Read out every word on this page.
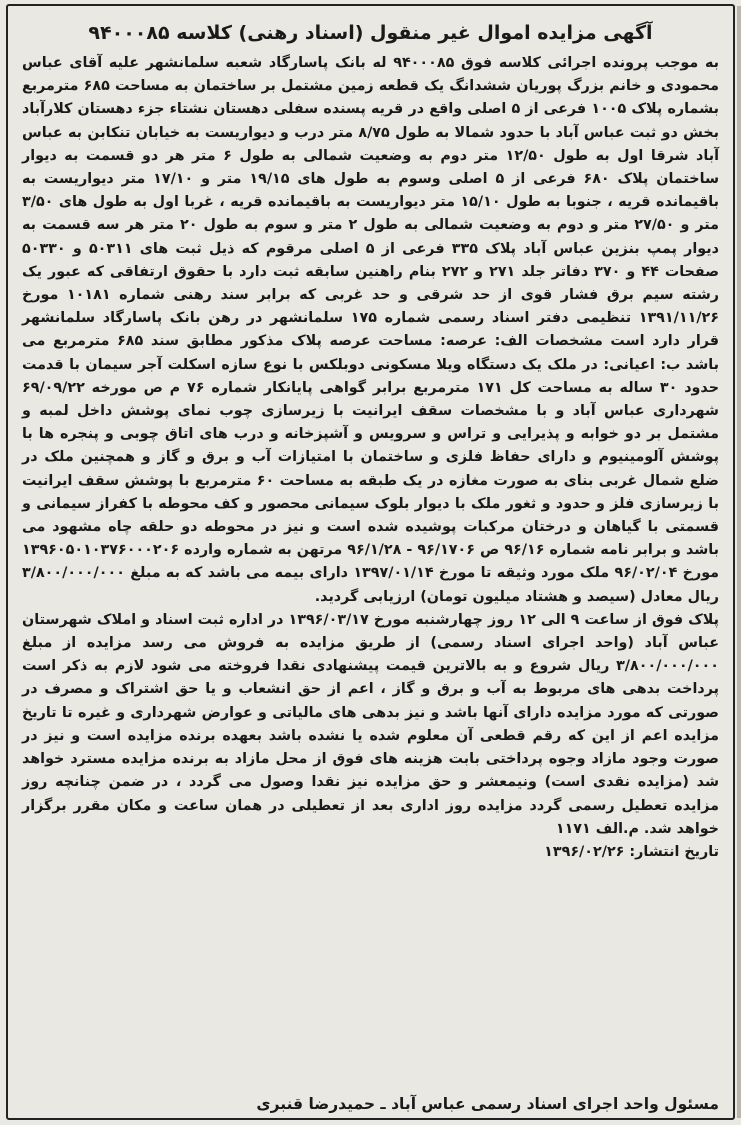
آگهی مزایده اموال غیر منقول (اسناد رهنی) کلاسه ۹۴۰۰۰۸۵

به موجب پرونده اجرائی کلاسه فوق ۹۴۰۰۰۸۵ له بانک پاسارگاد شعبه سلمانشهر علیه آقای عباس محمودی و خانم بزرگ پوریان ششدانگ یک قطعه زمین مشتمل بر ساختمان به مساحت ۶۸۵ مترمربع بشماره پلاک ۱۰۰۵ فرعی از ۵ اصلی واقع در قریه پسنده سفلی دهستان نشتاء جزء دهستان کلارآباد بخش دو ثبت عباس آباد با حدود شمالا به طول ۸/۷۵ متر درب و دیواریست به خیابان تنکابن به عباس آباد شرقا اول به طول ۱۲/۵۰ متر دوم به وضعیت شمالی به طول ۶ متر هر دو قسمت به دیوار ساختمان پلاک ۶۸۰ فرعی از ۵ اصلی وسوم به طول های ۱۹/۱۵ متر و ۱۷/۱۰ متر دیواریست به باقیمانده قریه ، جنوبا به طول ۱۵/۱۰ متر دیواریست به باقیمانده قریه ، غربا اول به طول های ۳/۵۰ متر و ۲۷/۵۰ متر و دوم به وضعیت شمالی به طول ۲ متر و سوم به طول ۲۰ متر هر سه قسمت به دیوار پمپ بنزین عباس آباد پلاک ۳۳۵ فرعی از ۵ اصلی مرقوم که ذیل ثبت های ۵۰۳۱۱ و ۵۰۳۳۰ صفحات ۴۴ و ۳۷۰ دفاتر جلد ۲۷۱ و ۲۷۲ بنام راهنین سابقه ثبت دارد با حقوق ارتفاقی که عبور یک رشته سیم برق فشار قوی از حد شرقی و حد غربی که برابر سند رهنی شماره ۱۰۱۸۱ مورخ ۱۳۹۱/۱۱/۲۶ تنظیمی دفتر اسناد رسمی شماره ۱۷۵ سلمانشهر در رهن بانک پاسارگاد سلمانشهر قرار دارد است مشخصات الف: عرصه: مساحت عرصه پلاک مذکور مطابق سند ۶۸۵ مترمربع می باشد ب: اعیانی: در ملک یک دستگاه ویلا مسکونی دوبلکس با نوع سازه اسکلت آجر سیمان با قدمت حدود ۳۰ ساله به مساحت کل ۱۷۱ مترمربع برابر گواهی پایانکار شماره ۷۶ م ص مورخه ۶۹/۰۹/۲۲ شهرداری عباس آباد و با مشخصات سقف ایرانیت با زیرسازی چوب نمای پوشش داخل لمبه و مشتمل بر دو خوابه و پذیرایی و تراس و سرویس و آشپزخانه و درب های اتاق چوبی و پنجره ها با پوشش آلومینیوم و دارای حفاظ فلزی و ساختمان با امتیازات آب و برق و گاز و همچنین ملک در ضلع شمال غربی بنای به صورت مغازه در یک طبقه به مساحت ۶۰ مترمربع با پوشش سقف ایرانیت با زیرسازی فلز و حدود و ثغور ملک با دیوار بلوک سیمانی محصور و کف محوطه با کفراز سیمانی و قسمتی با گیاهان و درختان مرکبات پوشیده شده است و نیز در محوطه دو حلقه چاه مشهود می باشد و برابر نامه شماره ۹۶/۱۶ ص ۹۶/۱۷۰۶ - ۹۶/۱/۲۸ مرتهن به شماره وارده ۱۳۹۶۰۵۰۱۰۳۷۶۰۰۰۲۰۶ مورخ ۹۶/۰۲/۰۴ ملک مورد وثیقه تا مورخ ۱۳۹۷/۰۱/۱۴ دارای بیمه می باشد که به مبلغ ۳/۸۰۰/۰۰۰/۰۰۰ ریال معادل (سیصد و هشتاد میلیون تومان) ارزیابی گردید.

پلاک فوق از ساعت ۹ الی ۱۲ روز چهارشنبه مورخ ۱۳۹۶/۰۳/۱۷ در اداره ثبت اسناد و املاک شهرستان عباس آباد (واحد اجرای اسناد رسمی) از طریق مزایده به فروش می رسد مزایده از مبلغ ۳/۸۰۰/۰۰۰/۰۰۰ ریال شروع و به بالاترین قیمت پیشنهادی نقدا فروخته می شود لازم به ذکر است پرداخت بدهی های مربوط به آب و برق و گاز ، اعم از حق انشعاب و یا حق اشتراک و مصرف در صورتی که مورد مزایده دارای آنها باشد و نیز بدهی های مالیاتی و عوارض شهرداری و غیره تا تاریخ مزایده اعم از این که رقم قطعی آن معلوم شده یا نشده باشد بعهده برنده مزایده است و نیز در صورت وجود مازاد وجوه پرداختی بابت هزینه های فوق از محل مازاد به برنده مزایده مسترد خواهد شد (مزایده نقدی است) ونیمعشر و حق مزایده نیز نقدا وصول می گردد ، در ضمن چنانچه روز مزایده تعطیل رسمی گردد مزایده روز اداری بعد از تعطیلی در همان ساعت و مکان مقرر برگزار خواهد شد. م.الف ۱۱۷۱

تاریخ انتشار: ۱۳۹۶/۰۲/۲۶

مسئول واحد اجرای اسناد رسمی عباس آباد ـ حمیدرضا قنبری
